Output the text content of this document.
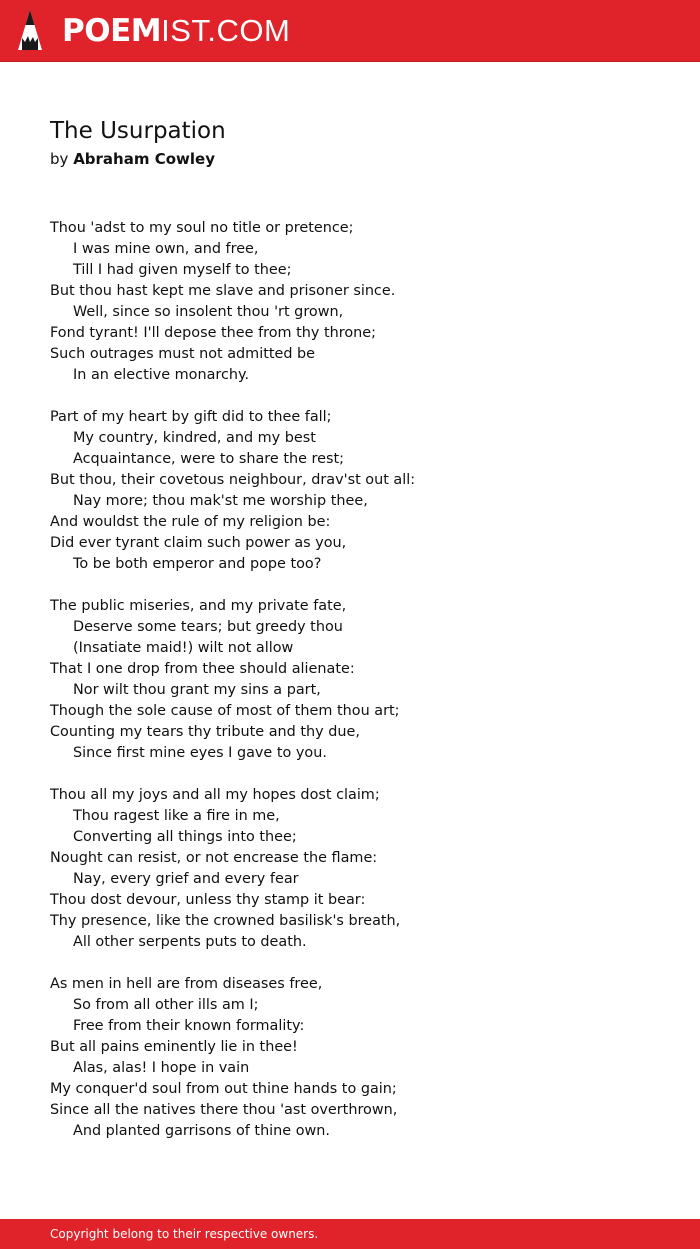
POEMIST.COM
The Usurpation
by Abraham Cowley
Thou 'adst to my soul no title or pretence;
I was mine own, and free,
Till I had given myself to thee;
But thou hast kept me slave and prisoner since.
Well, since so insolent thou 'rt grown,
Fond tyrant! I'll depose thee from thy throne;
Such outrages must not admitted be
In an elective monarchy.
Part of my heart by gift did to thee fall;
My country, kindred, and my best
Acquaintance, were to share the rest;
But thou, their covetous neighbour, drav'st out all:
Nay more; thou mak'st me worship thee,
And wouldst the rule of my religion be:
Did ever tyrant claim such power as you,
To be both emperor and pope too?
The public miseries, and my private fate,
Deserve some tears; but greedy thou
(Insatiate maid!) wilt not allow
That I one drop from thee should alienate:
Nor wilt thou grant my sins a part,
Though the sole cause of most of them thou art;
Counting my tears thy tribute and thy due,
Since first mine eyes I gave to you.
Thou all my joys and all my hopes dost claim;
Thou ragest like a fire in me,
Converting all things into thee;
Nought can resist, or not encrease the flame:
Nay, every grief and every fear
Thou dost devour, unless thy stamp it bear:
Thy presence, like the crowned basilisk's breath,
All other serpents puts to death.
As men in hell are from diseases free,
So from all other ills am I;
Free from their known formality:
But all pains eminently lie in thee!
Alas, alas! I hope in vain
My conquer'd soul from out thine hands to gain;
Since all the natives there thou 'ast overthrown,
And planted garrisons of thine own.
Copyright belong to their respective owners.
